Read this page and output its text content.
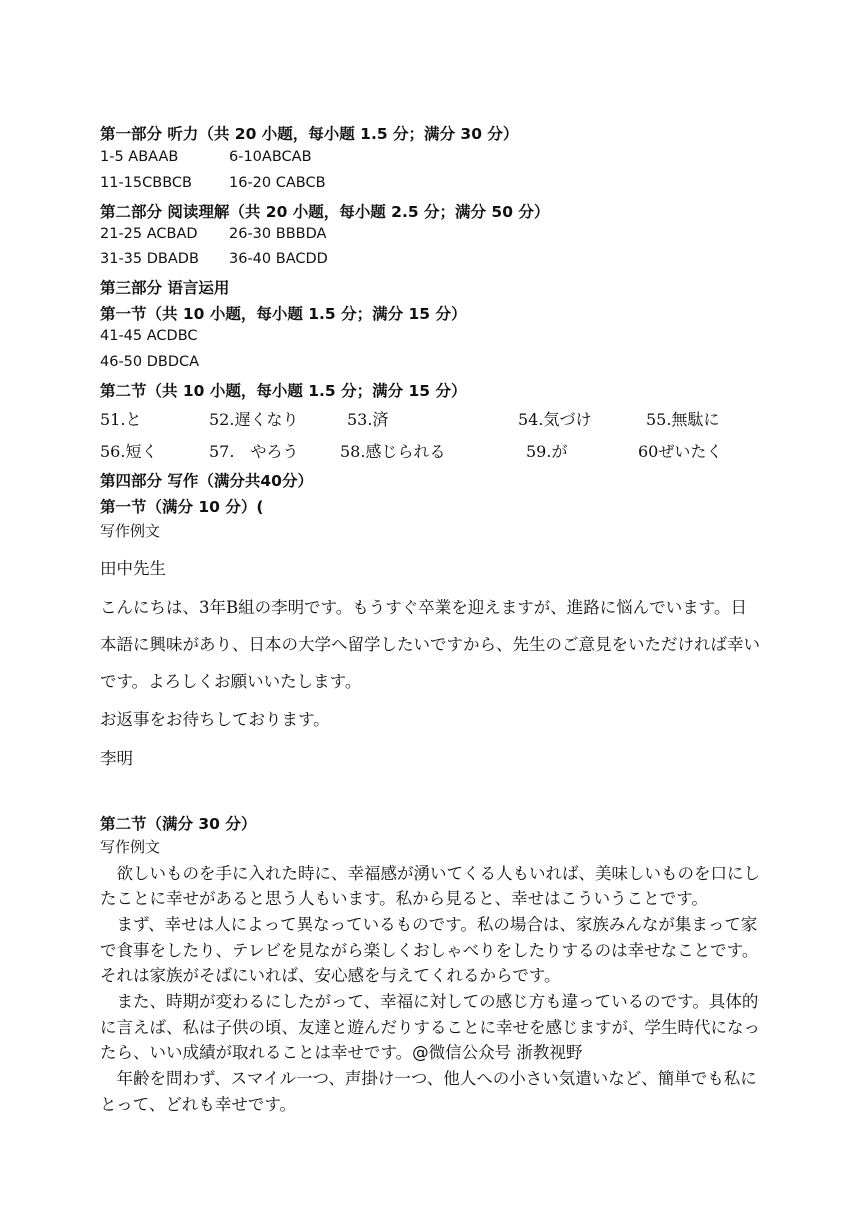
第一部分 听力（共 20 小题，每小题 1.5 分；满分 30 分）
1-5 ABAAB	6-10ABCAB
11-15CBBCB	16-20 CABCB
第二部分 阅读理解（共 20 小题，每小题 2.5 分；满分 50 分）
21-25 ACBAD 26-30 BBBDA
31-35 DBADB 36-40 BACDD
第三部分 语言运用
第一节（共 10 小题，每小题 1.5 分；满分 15 分）
41-45 ACDBC
46-50 DBDCA
第二节（共 10 小题，每小题 1.5 分；满分 15 分）
51.と	52.遅くなり	53.済	54.気づけ	55.無駄に
56.短く	57.　やろう	58.感じられる	59.が	60ぜいたく
第四部分 写作（满分共40分）
第一节（满分 10 分）(
写作例文
田中先生
こんにちは、3年B組の李明です。もうすぐ卒業を迎えますが、進路に悩んでいます。日
本語に興味があり、日本の大学へ留学したいですから、先生のご意見をいただければ幸い
です。よろしくお願いいたします。
お返事をお待ちしております。
李明
第二节（满分 30 分）
写作例文
　欲しいものを手に入れた時に、幸福感が湧いてくる人もいれば、美味しいものを口にし
たことに幸せがあると思う人もいます。私から見ると、幸せはこういうことです。
　まず、幸せは人によって異なっているものです。私の場合は、家族みんなが集まって家
で食事をしたり、テレビを見ながら楽しくおしゃべりをしたりするのは幸せなことです。
それは家族がそばにいれば、安心感を与えてくれるからです。
　また、時期が変わるにしたがって、幸福に対しての感じ方も違っているのです。具体的
に言えば、私は子供の頃、友達と遊んだりすることに幸せを感じますが、学生時代になっ
たら、いい成績が取れることは幸せです。@微信公众号 浙教视野
　年齢を問わず、スマイル一つ、声掛け一つ、他人への小さい気遣いなど、簡単でも私に
とって、どれも幸せです。
